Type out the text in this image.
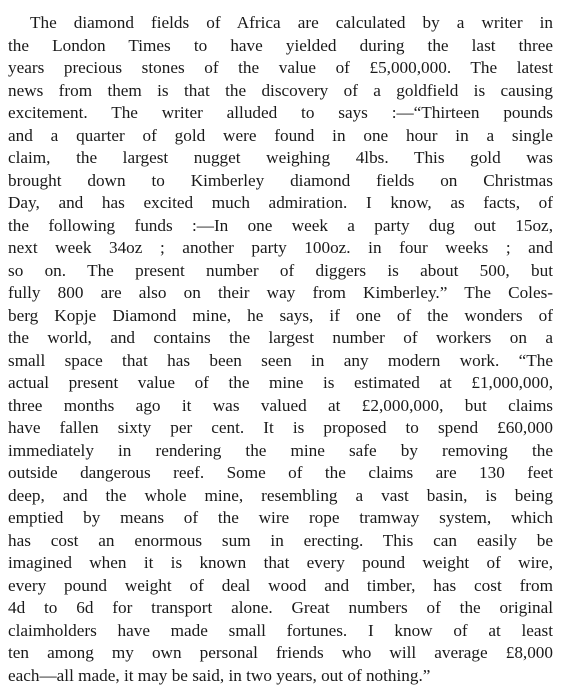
The diamond fields of Africa are calculated by a writer in
the London Times to have yielded during the last three
years precious stones of the value of £5,000,000. The latest
news from them is that the discovery of a goldfield is causing
excitement. The writer alluded to says :—“Thirteen pounds
and a quarter of gold were found in one hour in a single
claim, the largest nugget weighing 4lbs. This gold was
brought down to Kimberley diamond fields on Christmas
Day, and has excited much admiration. I know, as facts, of
the following funds :—In one week a party dug out 15oz,
next week 34oz ; another party 100oz. in four weeks ; and
so on. The present number of diggers is about 500, but
fully 800 are also on their way from Kimberley.” The Coles-
berg Kopje Diamond mine, he says, if one of the wonders of
the world, and contains the largest number of workers on a
small space that has been seen in any modern work. “The
actual present value of the mine is estimated at £1,000,000,
three months ago it was valued at £2,000,000, but claims
have fallen sixty per cent. It is proposed to spend £60,000
immediately in rendering the mine safe by removing the
outside dangerous reef. Some of the claims are 130 feet
deep, and the whole mine, resembling a vast basin, is being
emptied by means of the wire rope tramway system, which
has cost an enormous sum in erecting. This can easily be
imagined when it is known that every pound weight of wire,
every pound weight of deal wood and timber, has cost from
4d to 6d for transport alone. Great numbers of the original
claimholders have made small fortunes. I know of at least
ten among my own personal friends who will average £8,000
each—all made, it may be said, in two years, out of nothing.”
